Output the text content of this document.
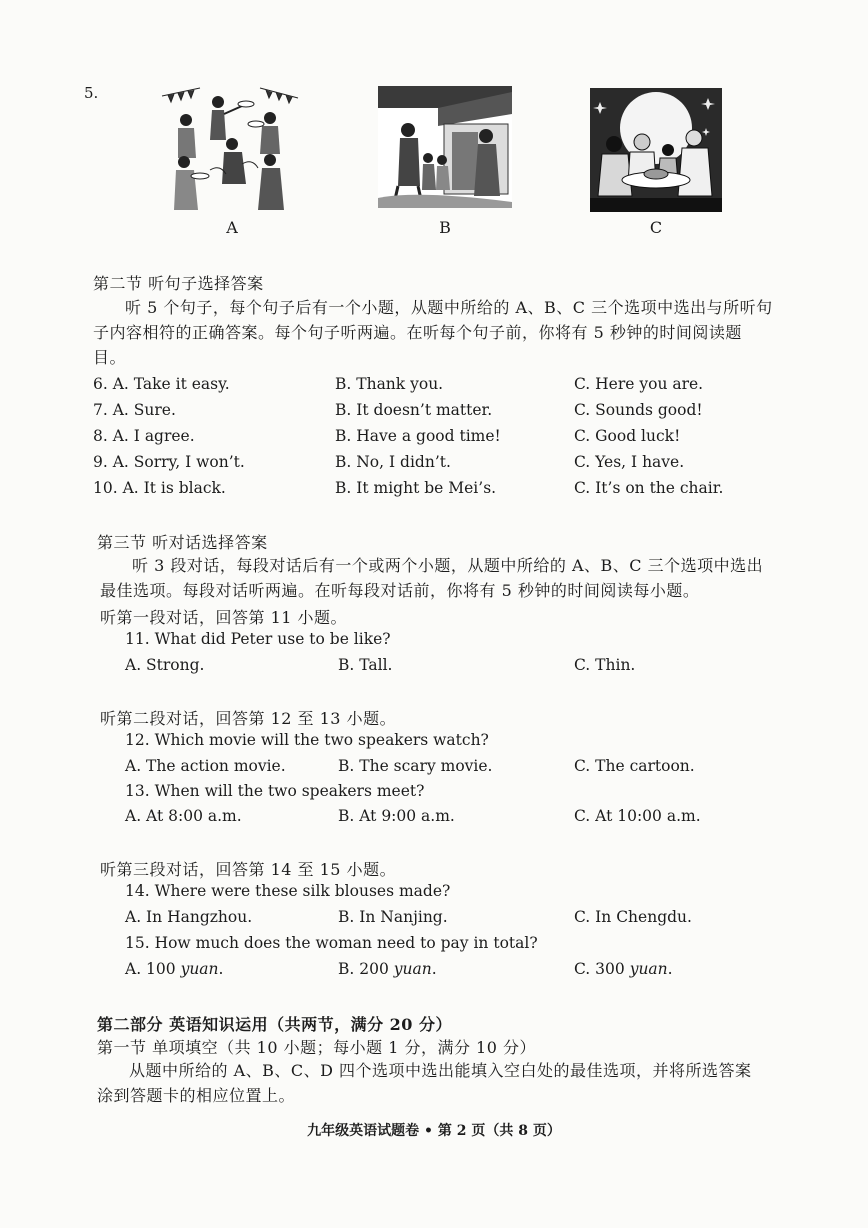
5.
A	B	C
第二节 听句子选择答案
听 5 个句子，每个句子后有一个小题，从题中所给的 A、B、C 三个选项中选出与所听句子内容相符的正确答案。每个句子听两遍。在听每个句子前，你将有 5 秒钟的时间阅读题目。
6. A. Take it easy.	B. Thank you.	C. Here you are.
7. A. Sure.	B. It doesn’t matter.	C. Sounds good!
8. A. I agree.	B. Have a good time!	C. Good luck!
9. A. Sorry, I won’t.	B. No, I didn’t.	C. Yes, I have.
10. A. It is black.	B. It might be Mei’s.	C. It’s on the chair.
第三节 听对话选择答案
听 3 段对话，每段对话后有一个或两个小题，从题中所给的 A、B、C 三个选项中选出最佳选项。每段对话听两遍。在听每段对话前，你将有 5 秒钟的时间阅读每小题。
听第一段对话，回答第 11 小题。
11. What did Peter use to be like?
A. Strong.	B. Tall.	C. Thin.
听第二段对话，回答第 12 至 13 小题。
12. Which movie will the two speakers watch?
A. The action movie.	B. The scary movie.	C. The cartoon.
13. When will the two speakers meet?
A. At 8:00 a.m.	B. At 9:00 a.m.	C. At 10:00 a.m.
听第三段对话，回答第 14 至 15 小题。
14. Where were these silk blouses made?
A. In Hangzhou.	B. In Nanjing.	C. In Chengdu.
15. How much does the woman need to pay in total?
A. 100 yuan.	B. 200 yuan.	C. 300 yuan.
第二部分 英语知识运用（共两节，满分 20 分）
第一节 单项填空（共 10 小题；每小题 1 分，满分 10 分）
从题中所给的 A、B、C、D 四个选项中选出能填入空白处的最佳选项，并将所选答案涂到答题卡的相应位置上。
九年级英语试题卷 • 第 2 页（共 8 页）
